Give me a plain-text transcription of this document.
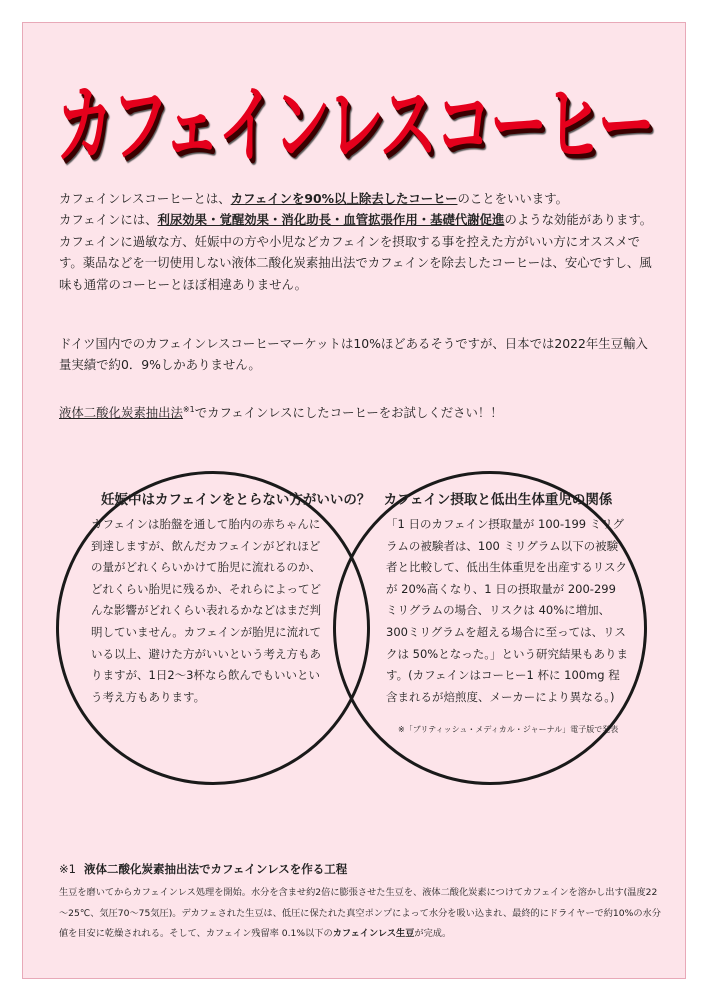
カフェインレスコーヒー

カフェインレスコーヒーとは、カフェインを90%以上除去したコーヒーのことをいいます。

カフェインには、利尿効果・覚醒効果・消化助長・血管拡張作用・基礎代謝促進のような効能があります。カフェインに過敏な方、妊娠中の方や小児などカフェインを摂取する事を控えた方がいい方にオススメです。薬品などを一切使用しない液体二酸化炭素抽出法でカフェインを除去したコーヒーは、安心ですし、風味も通常のコーヒーとほぼ相違ありません。

ドイツ国内でのカフェインレスコーヒーマーケットは10%ほどあるそうですが、日本では2022年生豆輸入量実績で約0．9%しかありません。
液体二酸化炭素抽出法$^{※1}$でカフェインレスにしたコーヒーをお試しください！！
妊娠中はカフェインをとらない方がいいの？
カフェインは胎盤を通して胎内の赤ちゃんに到達しますが、飲んだカフェインがどれほどの量がどれくらいかけて胎児に流れるのか、どれくらい胎児に残るか、それらによってどんな影響がどれくらい表れるかなどはまだ判明していません。カフェインが胎児に流れている以上、避けた方がいいという考え方もありますが、1日2～3杯なら飲んでもいいという考え方もあります。
カフェイン摂取と低出生体重児の関係
「1 日のカフェイン摂取量が 100-199 ミリグラムの被験者は、100 ミリグラム以下の被験者と比較して、低出生体重児を出産するリスクが 20%高くなり、1 日の摂取量が 200-299 ミリグラムの場合、リスクは 40%に増加、300ミリグラムを超える場合に至っては、リスクは 50%となった。」という研究結果もあります。(カフェインはコーヒー1 杯に 100mg 程含まれるが焙煎度、メーカーにより異なる。)
※「ブリティッシュ・メディカル・ジャーナル」電子版で発表
※1 液体二酸化炭素抽出法でカフェインレスを作る工程
生豆を磨いてからカフェインレス処理を開始。水分を含ませ約2倍に膨張させた生豆を、液体二酸化炭素につけてカフェインを溶かし出す(温度22～25℃、気圧70～75気圧)。デカフェされた生豆は、低圧に保たれた真空ポンプによって水分を吸い込まれ、最終的にドライヤーで約10%の水分値を目安に乾燥されれる。そして、カフェイン残留率 0.1%以下のカフェインレス生豆が完成。
